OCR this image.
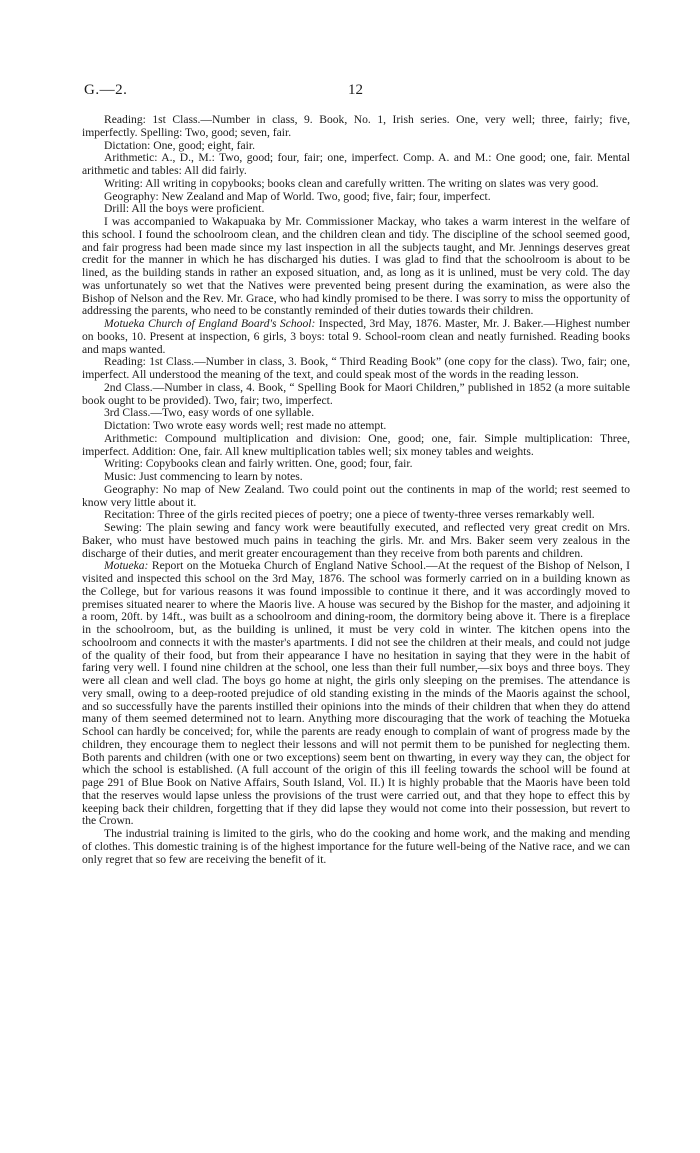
G.—2.	12

Reading: 1st Class.—Number in class, 9. Book, No. 1, Irish series. One, very well; three, fairly; five, imperfectly. Spelling: Two, good; seven, fair.

Dictation: One, good; eight, fair.

Arithmetic: A., D., M.: Two, good; four, fair; one, imperfect. Comp. A. and M.: One good; one, fair. Mental arithmetic and tables: All did fairly.

Writing: All writing in copybooks; books clean and carefully written. The writing on slates was very good.

Geography: New Zealand and Map of World. Two, good; five, fair; four, imperfect.

Drill: All the boys were proficient.

I was accompanied to Wakapuaka by Mr. Commissioner Mackay, who takes a warm interest in the welfare of this school. I found the schoolroom clean, and the children clean and tidy. The discipline of the school seemed good, and fair progress had been made since my last inspection in all the subjects taught, and Mr. Jennings deserves great credit for the manner in which he has discharged his duties. I was glad to find that the schoolroom is about to be lined, as the building stands in rather an exposed situation, and, as long as it is unlined, must be very cold. The day was unfortunately so wet that the Natives were prevented being present during the examination, as were also the Bishop of Nelson and the Rev. Mr. Grace, who had kindly promised to be there. I was sorry to miss the opportunity of addressing the parents, who need to be constantly reminded of their duties towards their children.

Motueka Church of England Board's School: Inspected, 3rd May, 1876. Master, Mr. J. Baker.—Highest number on books, 10. Present at inspection, 6 girls, 3 boys: total 9. School-room clean and neatly furnished. Reading books and maps wanted.

Reading: 1st Class.—Number in class, 3. Book, “ Third Reading Book” (one copy for the class). Two, fair; one, imperfect. All understood the meaning of the text, and could speak most of the words in the reading lesson.

2nd Class.—Number in class, 4. Book, “ Spelling Book for Maori Children,” published in 1852 (a more suitable book ought to be provided). Two, fair; two, imperfect.

3rd Class.—Two, easy words of one syllable.

Dictation: Two wrote easy words well; rest made no attempt.

Arithmetic: Compound multiplication and division: One, good; one, fair. Simple multiplication: Three, imperfect. Addition: One, fair. All knew multiplication tables well; six money tables and weights.

Writing: Copybooks clean and fairly written. One, good; four, fair.

Music: Just commencing to learn by notes.

Geography: No map of New Zealand. Two could point out the continents in map of the world; rest seemed to know very little about it.

Recitation: Three of the girls recited pieces of poetry; one a piece of twenty-three verses remarkably well.

Sewing: The plain sewing and fancy work were beautifully executed, and reflected very great credit on Mrs. Baker, who must have bestowed much pains in teaching the girls. Mr. and Mrs. Baker seem very zealous in the discharge of their duties, and merit greater encouragement than they receive from both parents and children.

Motueka: Report on the Motueka Church of England Native School.—At the request of the Bishop of Nelson, I visited and inspected this school on the 3rd May, 1876. The school was formerly carried on in a building known as the College, but for various reasons it was found impossible to continue it there, and it was accordingly moved to premises situated nearer to where the Maoris live. A house was secured by the Bishop for the master, and adjoining it a room, 20ft. by 14ft., was built as a schoolroom and dining-room, the dormitory being above it. There is a fireplace in the schoolroom, but, as the building is unlined, it must be very cold in winter. The kitchen opens into the schoolroom and connects it with the master's apartments. I did not see the children at their meals, and could not judge of the quality of their food, but from their appearance I have no hesitation in saying that they were in the habit of faring very well. I found nine children at the school, one less than their full number,—six boys and three boys. They were all clean and well clad. The boys go home at night, the girls only sleeping on the premises. The attendance is very small, owing to a deep-rooted prejudice of old standing existing in the minds of the Maoris against the school, and so successfully have the parents instilled their opinions into the minds of their children that when they do attend many of them seemed determined not to learn. Anything more discouraging that the work of teaching the Motueka School can hardly be conceived; for, while the parents are ready enough to complain of want of progress made by the children, they encourage them to neglect their lessons and will not permit them to be punished for neglecting them. Both parents and children (with one or two exceptions) seem bent on thwarting, in every way they can, the object for which the school is established. (A full account of the origin of this ill feeling towards the school will be found at page 291 of Blue Book on Native Affairs, South Island, Vol. II.) It is highly probable that the Maoris have been told that the reserves would lapse unless the provisions of the trust were carried out, and that they hope to effect this by keeping back their children, forgetting that if they did lapse they would not come into their possession, but revert to the Crown.

The industrial training is limited to the girls, who do the cooking and home work, and the making and mending of clothes. This domestic training is of the highest importance for the future well-being of the Native race, and we can only regret that so few are receiving the benefit of it.
